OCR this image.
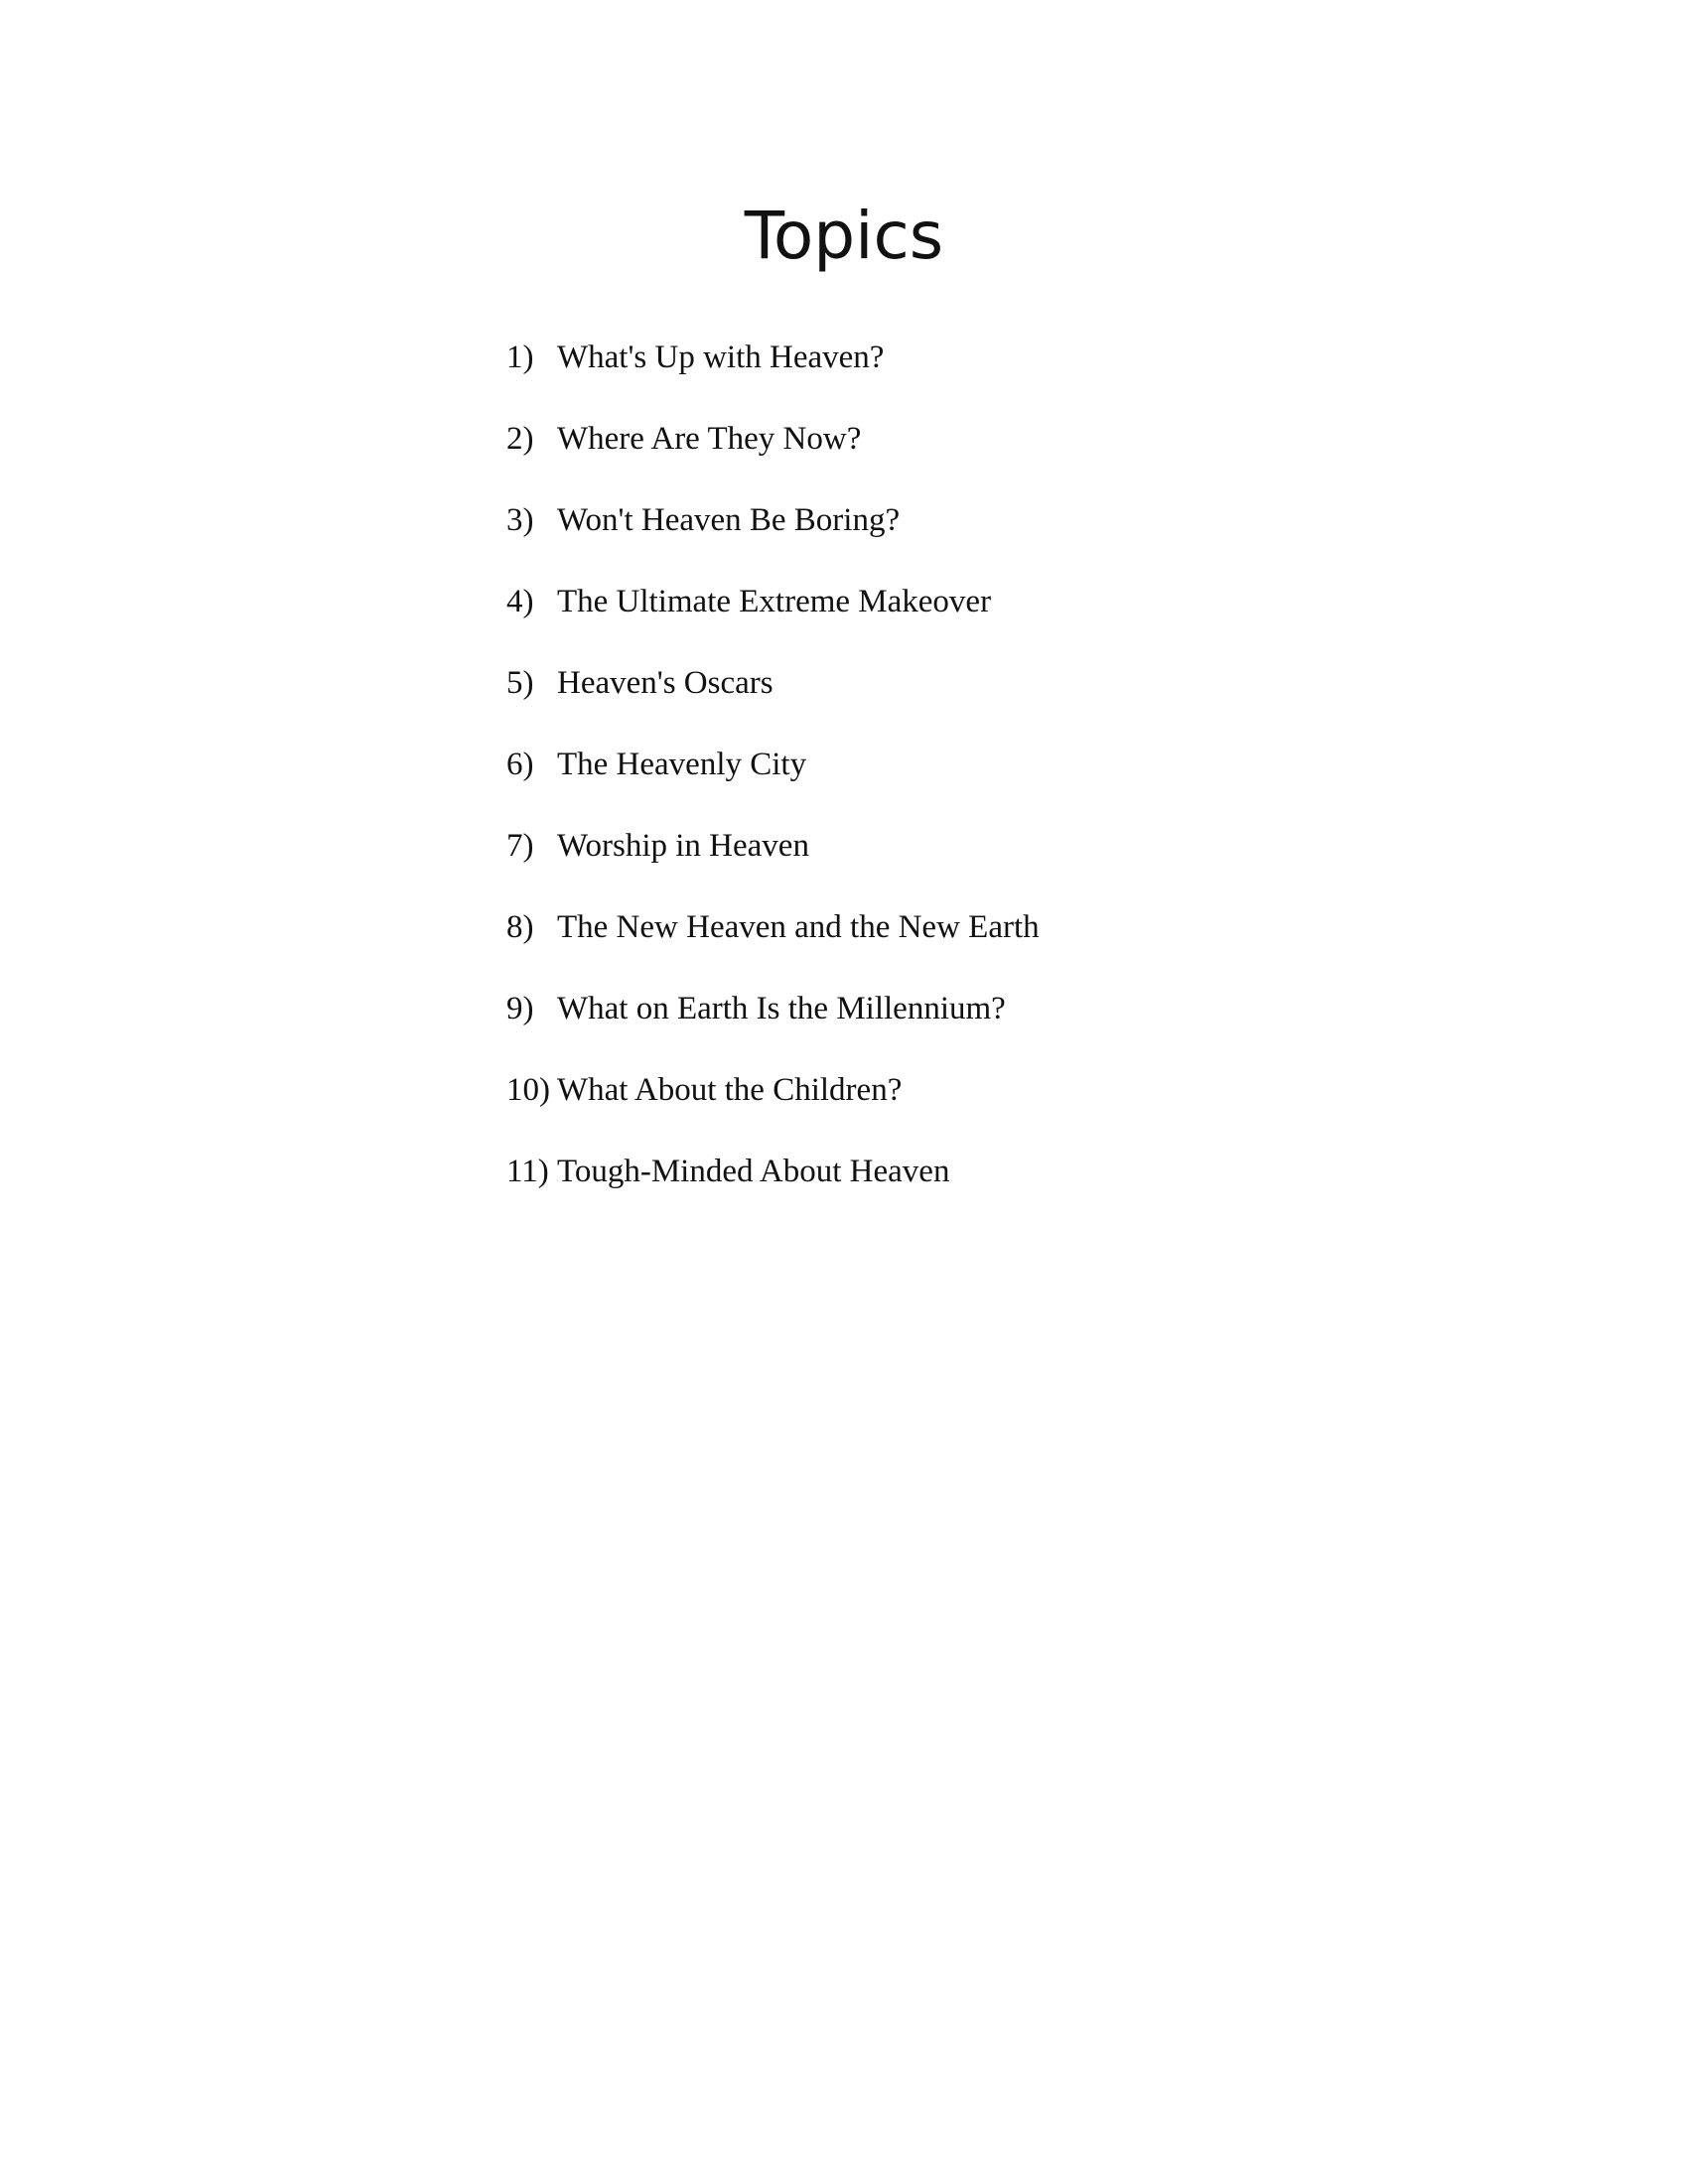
Topics
1) What's Up with Heaven?
2) Where Are They Now?
3) Won't Heaven Be Boring?
4) The Ultimate Extreme Makeover
5) Heaven's Oscars
6) The Heavenly City
7) Worship in Heaven
8) The New Heaven and the New Earth
9) What on Earth Is the Millennium?
10) What About the Children?
11) Tough-Minded About Heaven
